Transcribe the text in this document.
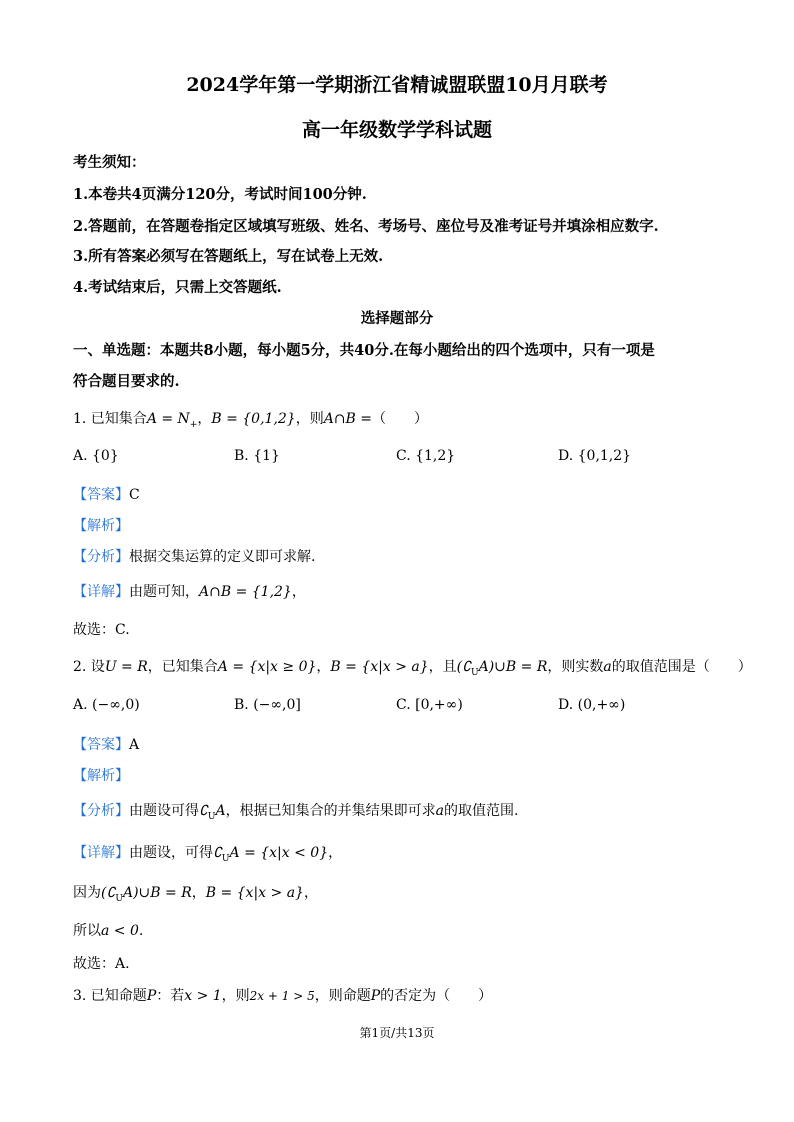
2024学年第一学期浙江省精诚盟联盟10月月联考
高一年级数学学科试题
考生须知：
1.本卷共4页满分120分，考试时间100分钟.
2.答题前，在答题卷指定区域填写班级、姓名、考场号、座位号及准考证号并填涂相应数字.
3.所有答案必须写在答题纸上，写在试卷上无效.
4.考试结束后，只需上交答题纸.
选择题部分
一、单选题：本题共8小题，每小题5分，共40分.在每小题给出的四个选项中，只有一项是
符合题目要求的.
1. 已知集合$A = N_+$，B = {0,1,2}，则A∩B =（　　）
A. {0}	B. {1}	C. {1,2}	D. {0,1,2}
【答案】C
【解析】
【分析】根据交集运算的定义即可求解.
【详解】由题可知，A∩B = {1,2}，
故选：C.
2. 设U = R，已知集合A = {x|x ≥ 0}，B = {x|x > a}，且$(∁_UA)\cup B = R$，则实数a的取值范围是（　　）
A. (−∞,0)	B. (−∞,0]	C. [0,+∞)	D. (0,+∞)
【答案】A
【解析】
【分析】由题设可得$∁_UA$，根据已知集合的并集结果即可求a的取值范围.
【详解】由题设，可得$∁_UA = \{x|x < 0\}$，
因为$(∁_UA)\cup B = R$，B = {x|x > a}，
所以a < 0.
故选：A.
3. 已知命题P：若x > 1，则2x + 1 > 5，则命题P的否定为（　　）
第1页/共13页
